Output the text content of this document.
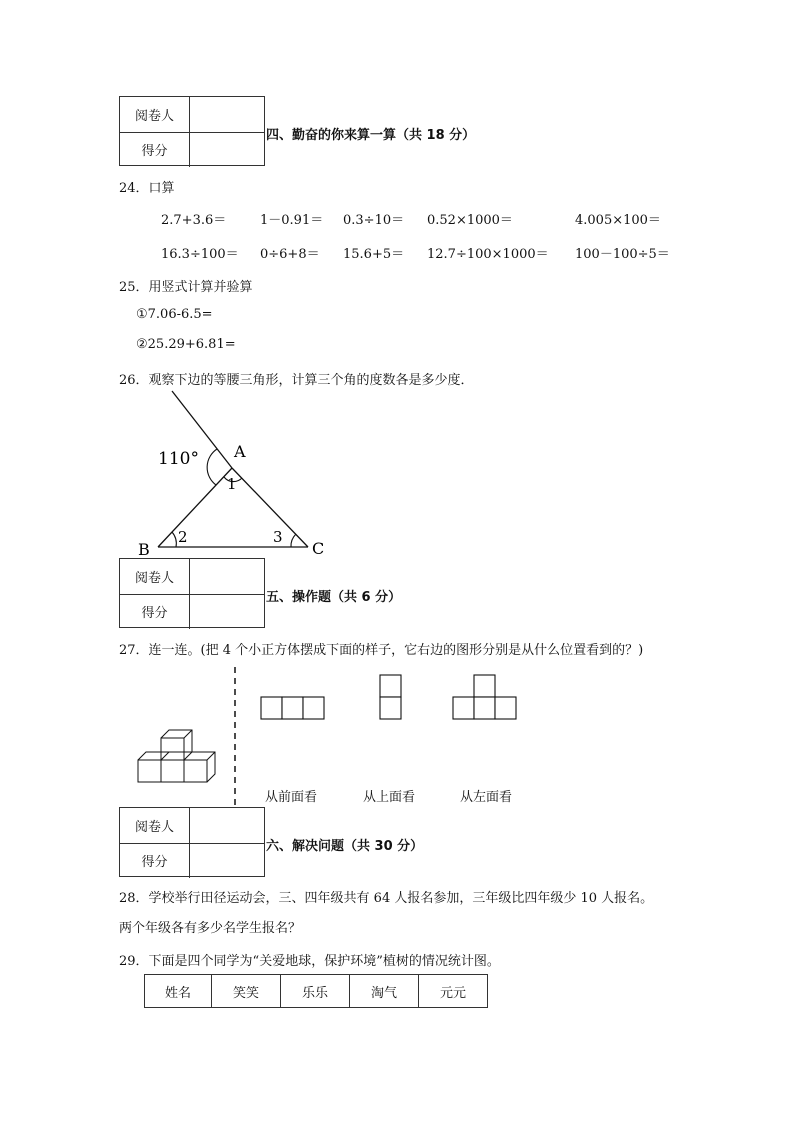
阅卷人
得分
四、勤奋的你来算一算（共 18 分）
24．口算
2.7+3.6＝	1－0.91＝ 0.3÷10＝ 0.52×1000＝	4.005×100＝
16.3÷100＝ 0÷6+8＝ 15.6+5＝ 12.7÷100×1000＝ 100－100÷5＝
25．用竖式计算并验算
①7.06-6.5=
②25.29+6.81=
26．观察下边的等腰三角形，计算三个角的度数各是多少度．
110° A
1
B
2	3
C
阅卷人
得分
五、操作题（共 6 分）
27．连一连。(把 4 个小正方体摆成下面的样子，它右边的图形分别是从什么位置看到的？)
从前面看	从上面看	从左面看
阅卷人
得分
六、解决问题（共 30 分）
28．学校举行田径运动会，三、四年级共有 64 人报名参加，三年级比四年级少 10 人报名。
两个年级各有多少名学生报名？
29．下面是四个同学为“关爱地球，保护环境”植树的情况统计图。
姓名	笑笑	乐乐	淘气	元元
